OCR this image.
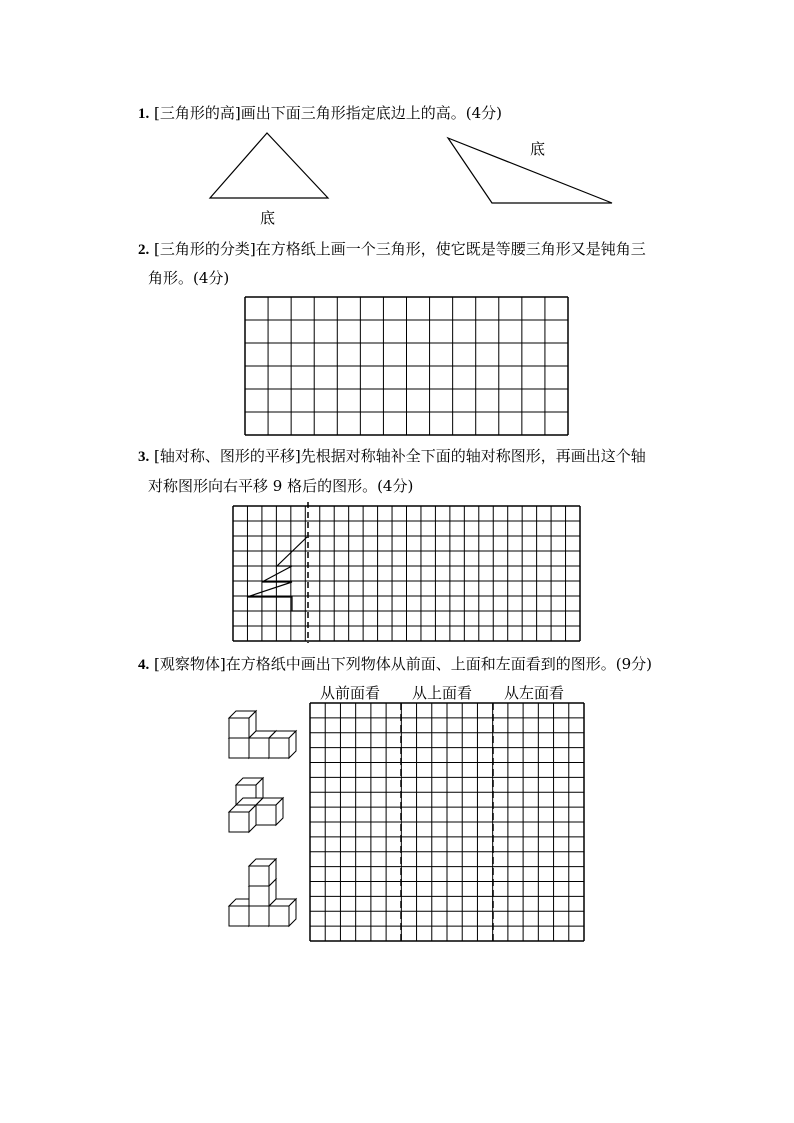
1. [三角形的高]画出下面三角形指定底边上的高。(4分)

2. [三角形的分类]在方格纸上画一个三角形，使它既是等腰三角形又是钝角三

角形。(4分)

3. [轴对称、图形的平移]先根据对称轴补全下面的轴对称图形，再画出这个轴

对称图形向右平移 9 格后的图形。(4分)

4. [观察物体]在方格纸中画出下列物体从前面、上面和左面看到的图形。(9分)

从前面看 从上面看 从左面看
底
底
